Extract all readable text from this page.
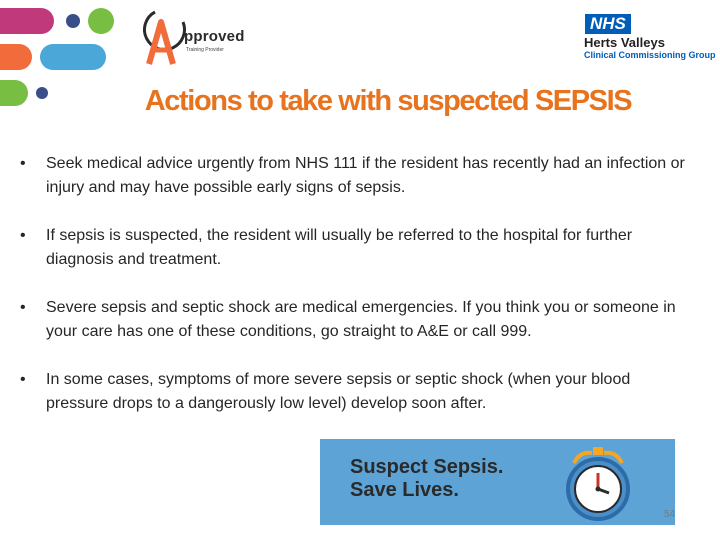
pproved
Training Provider
NHS
Herts Valleys
Clinical Commissioning Group
Actions to take with suspected SEPSIS
•	Seek medical advice urgently from NHS 111 if the resident has recently had an infection or injury and may have possible early signs of sepsis.
•	If sepsis is suspected, the resident will usually be referred to the hospital for further diagnosis and treatment.
•	Severe sepsis and septic shock are medical emergencies. If you think you or someone in your care has one of these conditions, go straight to A&E or call 999.
•	In some cases, symptoms of more severe sepsis or septic shock (when your blood pressure drops to a dangerously low level) develop soon after.
Suspect Sepsis.
Save Lives.
54
